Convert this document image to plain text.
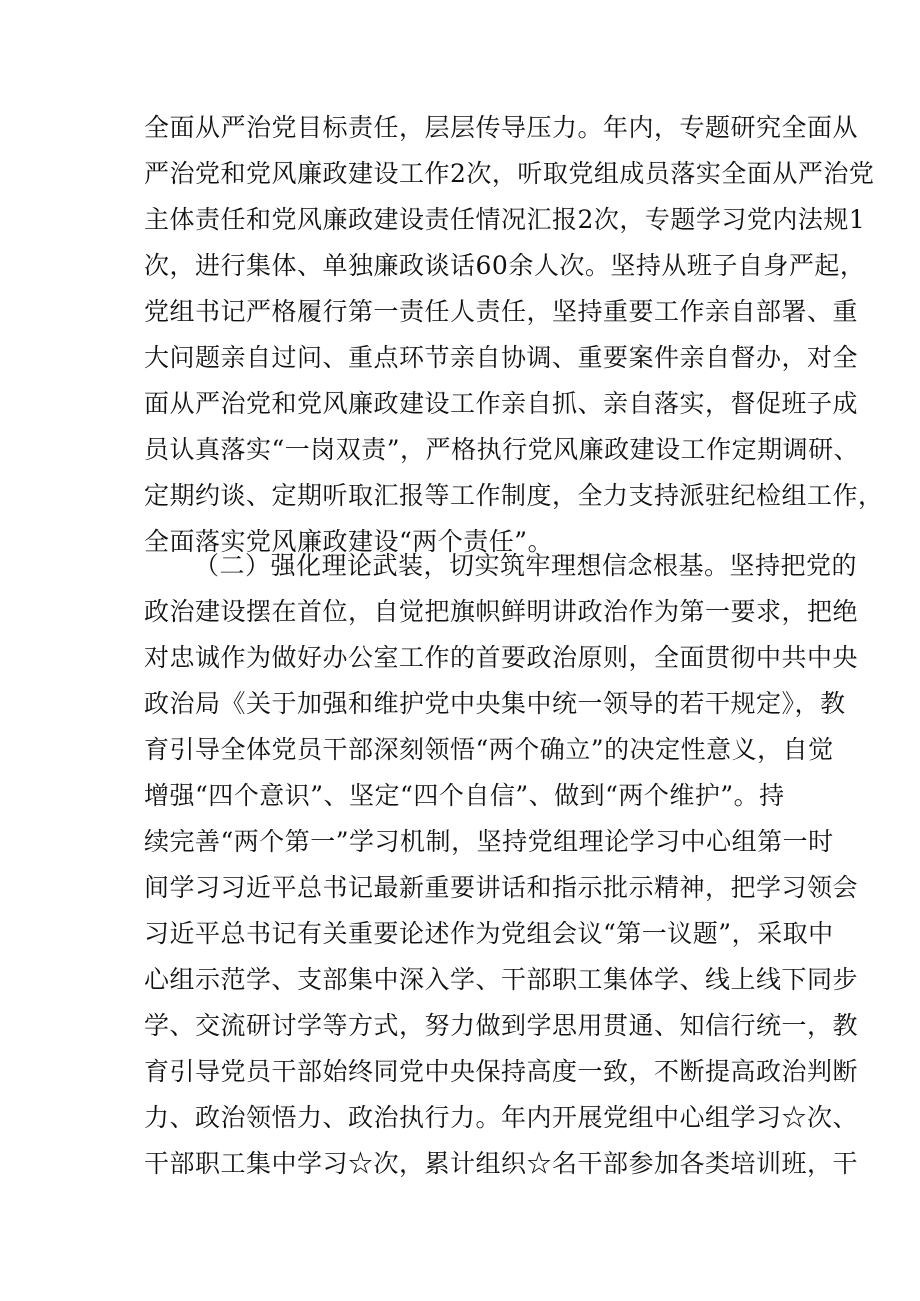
全面从严治党目标责任，层层传导压力。年内，专题研究全面从
严治党和党风廉政建设工作2次，听取党组成员落实全面从严治党
主体责任和党风廉政建设责任情况汇报2次，专题学习党内法规1
次，进行集体、单独廉政谈话60余人次。坚持从班子自身严起，
党组书记严格履行第一责任人责任，坚持重要工作亲自部署、重
大问题亲自过问、重点环节亲自协调、重要案件亲自督办，对全
面从严治党和党风廉政建设工作亲自抓、亲自落实，督促班子成
员认真落实“一岗双责”，严格执行党风廉政建设工作定期调研、
定期约谈、定期听取汇报等工作制度，全力支持派驻纪检组工作，
全面落实党风廉政建设“两个责任”。
（二）强化理论武装，切实筑牢理想信念根基。坚持把党的
政治建设摆在首位，自觉把旗帜鲜明讲政治作为第一要求，把绝
对忠诚作为做好办公室工作的首要政治原则，全面贯彻中共中央
政治局《关于加强和维护党中央集中统一领导的若干规定》，教
育引导全体党员干部深刻领悟“两个确立”的决定性意义，自觉
增强“四个意识”、坚定“四个自信”、做到“两个维护”。持
续完善“两个第一”学习机制，坚持党组理论学习中心组第一时
间学习习近平总书记最新重要讲话和指示批示精神，把学习领会
习近平总书记有关重要论述作为党组会议“第一议题”，采取中
心组示范学、支部集中深入学、干部职工集体学、线上线下同步
学、交流研讨学等方式，努力做到学思用贯通、知信行统一，教
育引导党员干部始终同党中央保持高度一致，不断提高政治判断
力、政治领悟力、政治执行力。年内开展党组中心组学习☆次、
干部职工集中学习☆次，累计组织☆名干部参加各类培训班，干
